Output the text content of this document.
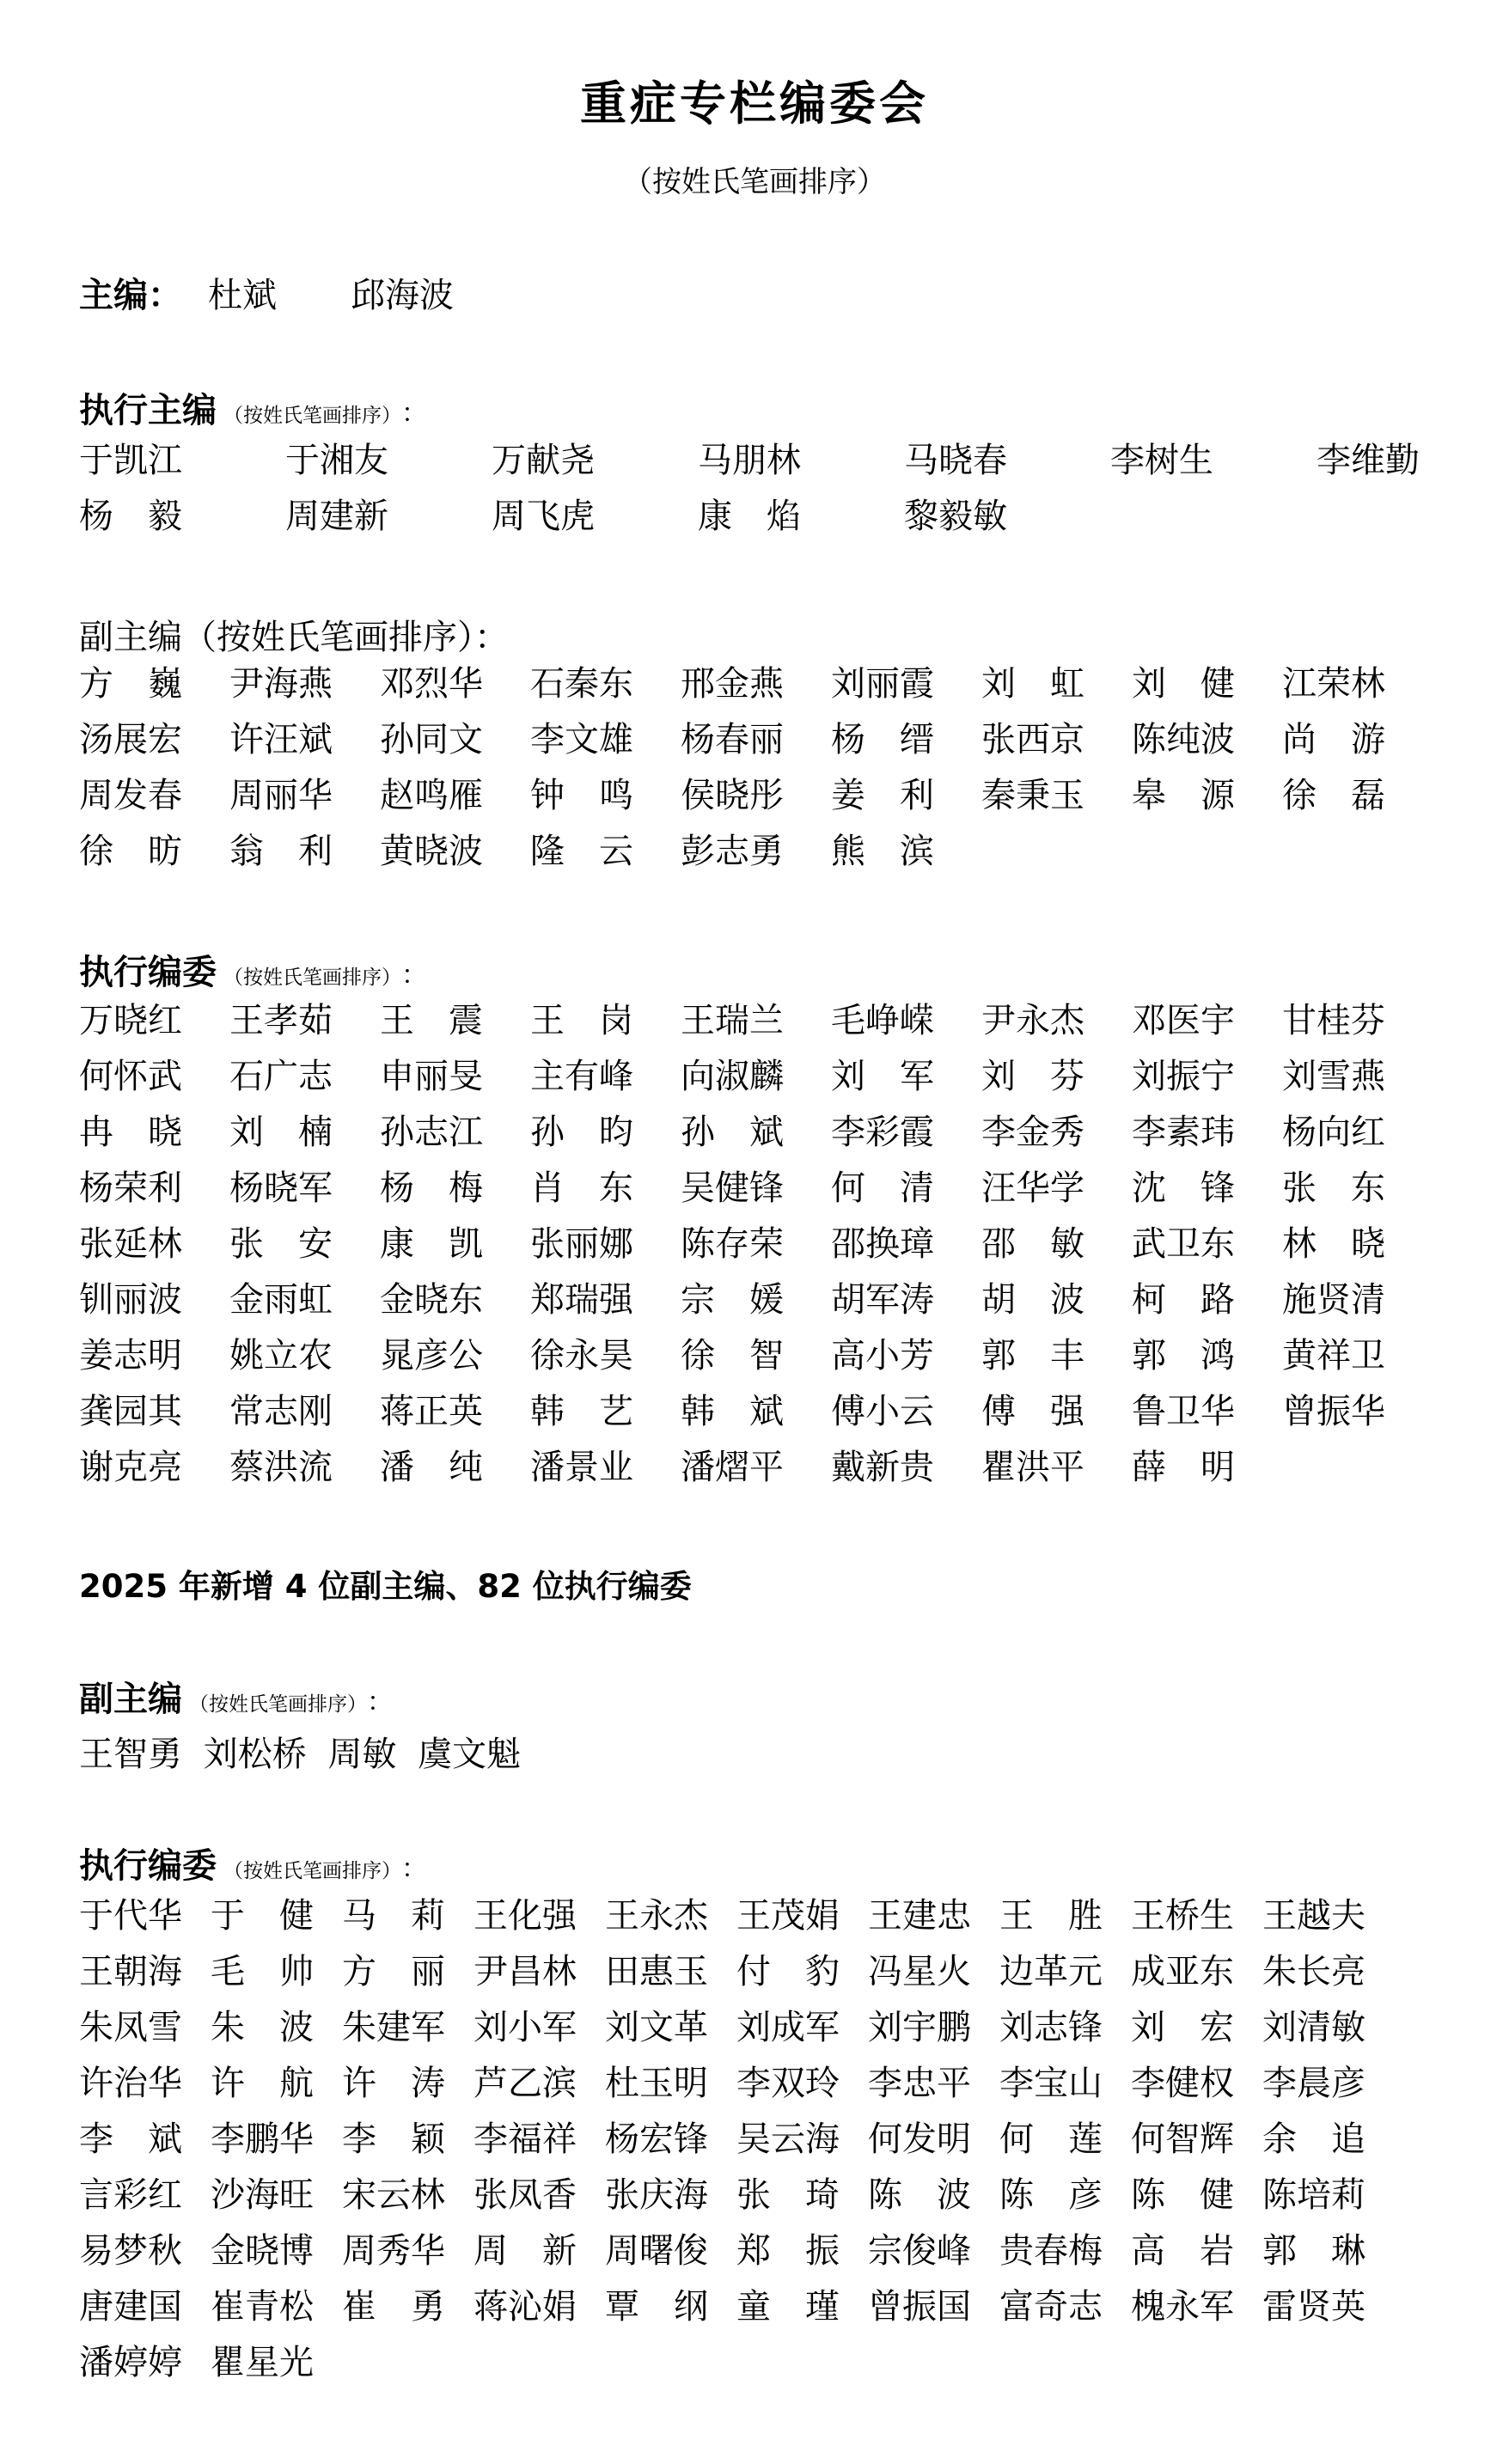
重症专栏编委会
（按姓氏笔画排序）
主编： 杜斌 邱海波
执行主编 （按姓氏笔画排序） ：
于凯江	于湘友	万献尧	马朋林	马晓春	李树生	李维勤
杨　毅	周建新	周飞虎	康　焰	黎毅敏
副主编（按姓氏笔画排序）：
方　巍	尹海燕	邓烈华	石秦东	邢金燕	刘丽霞	刘　虹	刘　健	江荣林
汤展宏	许汪斌	孙同文	李文雄	杨春丽	杨　缙	张西京	陈纯波	尚　游
周发春	周丽华	赵鸣雁	钟　鸣	侯晓彤	姜　利	秦秉玉	皋　源	徐　磊
徐　昉	翁　利	黄晓波	隆　云	彭志勇	熊　滨
执行编委 （按姓氏笔画排序） ：
万晓红	王孝茹	王　震	王　岗	王瑞兰	毛峥嵘	尹永杰	邓医宇	甘桂芬
何怀武	石广志	申丽旻	主有峰	向淑麟	刘　军	刘　芬	刘振宁	刘雪燕
冉　晓	刘　楠	孙志江	孙　昀	孙　斌	李彩霞	李金秀	李素玮	杨向红
杨荣利	杨晓军	杨　梅	肖　东	吴健锋	何　清	汪华学	沈　锋	张　东
张延林	张　安	康　凯	张丽娜	陈存荣	邵换璋	邵　敏	武卫东	林　晓
钏丽波	金雨虹	金晓东	郑瑞强	宗　媛	胡军涛	胡　波	柯　路	施贤清
姜志明	姚立农	晁彦公	徐永昊	徐　智	高小芳	郭　丰	郭　鸿	黄祥卫
龚园其	常志刚	蒋正英	韩　艺	韩　斌	傅小云	傅　强	鲁卫华	曾振华
谢克亮	蔡洪流	潘　纯	潘景业	潘熠平	戴新贵	瞿洪平	薛　明
2025 年新增 4 位副主编、82 位执行编委
副主编 （按姓氏笔画排序） ：
王智勇 刘松桥 周敏 虞文魁
执行编委 （按姓氏笔画排序） ：
于代华 于　健 马　莉 王化强 王永杰 王茂娟 王建忠 王　胜 王桥生 王越夫
王朝海 毛　帅 方　丽 尹昌林 田惠玉 付　豹 冯星火 边革元 成亚东 朱长亮
朱凤雪 朱　波 朱建军 刘小军 刘文革 刘成军 刘宇鹏 刘志锋 刘　宏 刘清敏
许治华 许　航 许　涛 芦乙滨 杜玉明 李双玲 李忠平 李宝山 李健权 李晨彦
李　斌 李鹏华 李　颖 李福祥 杨宏锋 吴云海 何发明 何　莲 何智辉 余　追
言彩红 沙海旺 宋云林 张凤香 张庆海 张　琦 陈　波 陈　彦 陈　健 陈培莉
易梦秋 金晓博 周秀华 周　新 周曙俊 郑　振 宗俊峰 贵春梅 高　岩 郭　琳
唐建国 崔青松 崔　勇 蒋沁娟 覃　纲 童　瑾 曾振国 富奇志 槐永军 雷贤英
潘婷婷 瞿星光
